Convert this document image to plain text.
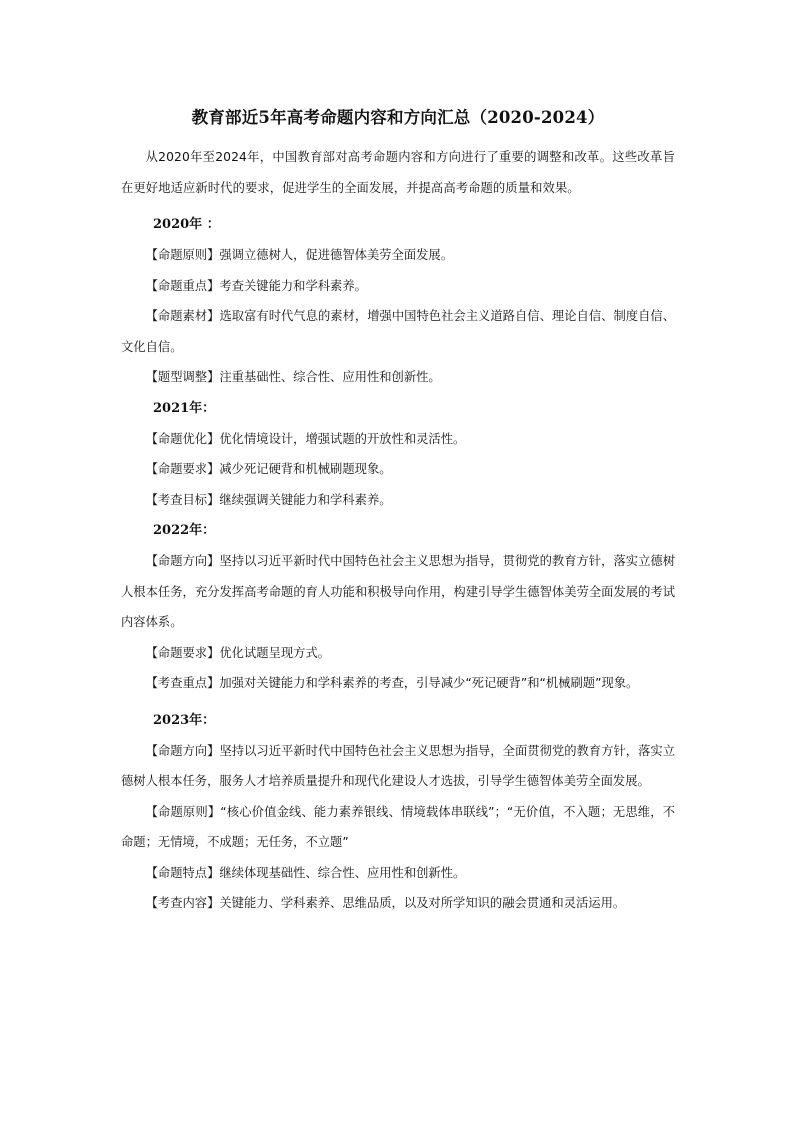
教育部近5年高考命题内容和方向汇总（2020-2024）

从2020年至2024年，中国教育部对高考命题内容和方向进行了重要的调整和改革。这些改革旨在更好地适应新时代的要求，促进学生的全面发展，并提高高考命题的质量和效果。

2020年 ：

【命题原则】强调立德树人，促进德智体美劳全面发展。

【命题重点】考查关键能力和学科素养。

【命题素材】选取富有时代气息的素材，增强中国特色社会主义道路自信、理论自信、制度自信、文化自信。

【题型调整】注重基础性、综合性、应用性和创新性。

2021年：

【命题优化】优化情境设计，增强试题的开放性和灵活性。

【命题要求】减少死记硬背和机械刷题现象。

【考查目标】继续强调关键能力和学科素养。

2022年：

【命题方向】坚持以习近平新时代中国特色社会主义思想为指导，贯彻党的教育方针，落实立德树人根本任务，充分发挥高考命题的育人功能和积极导向作用，构建引导学生德智体美劳全面发展的考试内容体系。

【命题要求】优化试题呈现方式。

【考查重点】加强对关键能力和学科素养的考查，引导减少“死记硬背”和“机械刷题”现象。

2023年：

【命题方向】坚持以习近平新时代中国特色社会主义思想为指导，全面贯彻党的教育方针，落实立德树人根本任务，服务人才培养质量提升和现代化建设人才选拔，引导学生德智体美劳全面发展。

【命题原则】“核心价值金线、能力素养银线、情境载体串联线”；“无价值，不入题；无思维，不命题；无情境，不成题；无任务，不立题”

【命题特点】继续体现基础性、综合性、应用性和创新性。

【考查内容】关键能力、学科素养、思维品质，以及对所学知识的融会贯通和灵活运用。
